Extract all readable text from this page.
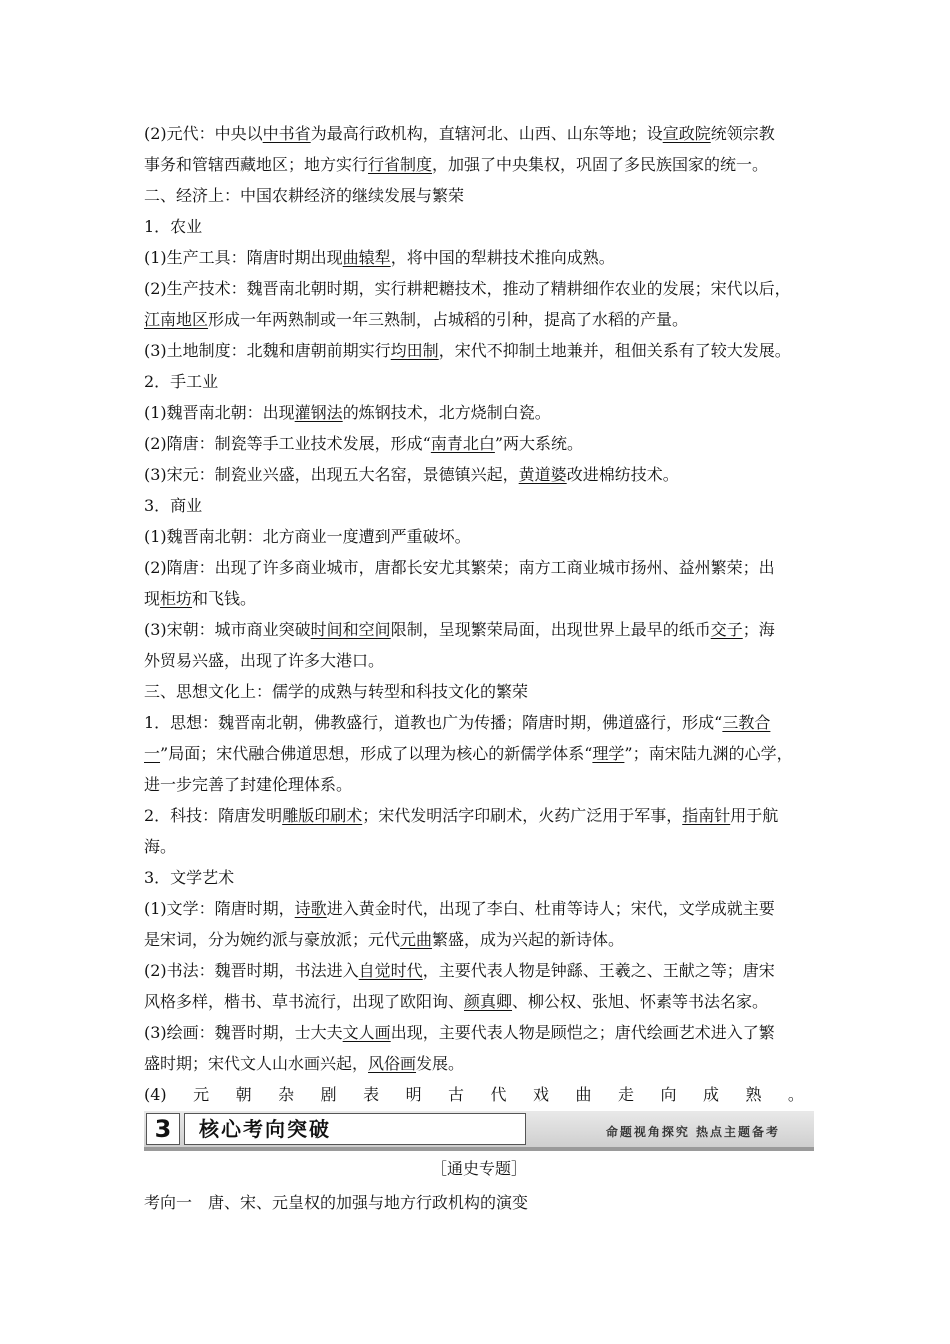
(2)元代：中央以中书省为最高行政机构，直辖河北、山西、山东等地；设宣政院统领宗教
事务和管辖西藏地区；地方实行行省制度，加强了中央集权，巩固了多民族国家的统一。
二、经济上：中国农耕经济的继续发展与繁荣
1．农业
(1)生产工具：隋唐时期出现曲辕犁，将中国的犁耕技术推向成熟。
(2)生产技术：魏晋南北朝时期，实行耕耙耱技术，推动了精耕细作农业的发展；宋代以后，
江南地区形成一年两熟制或一年三熟制，占城稻的引种，提高了水稻的产量。
(3)土地制度：北魏和唐朝前期实行均田制，宋代不抑制土地兼并，租佃关系有了较大发展。
2．手工业
(1)魏晋南北朝：出现灌钢法的炼钢技术，北方烧制白瓷。
(2)隋唐：制瓷等手工业技术发展，形成“南青北白”两大系统。
(3)宋元：制瓷业兴盛，出现五大名窑，景德镇兴起，黄道婆改进棉纺技术。
3．商业
(1)魏晋南北朝：北方商业一度遭到严重破坏。
(2)隋唐：出现了许多商业城市，唐都长安尤其繁荣；南方工商业城市扬州、益州繁荣；出
现柜坊和飞钱。
(3)宋朝：城市商业突破时间和空间限制，呈现繁荣局面，出现世界上最早的纸币交子；海
外贸易兴盛，出现了许多大港口。
三、思想文化上：儒学的成熟与转型和科技文化的繁荣
1．思想：魏晋南北朝，佛教盛行，道教也广为传播；隋唐时期，佛道盛行，形成“三教合
一”局面；宋代融合佛道思想，形成了以理为核心的新儒学体系“理学”；南宋陆九渊的心学，
进一步完善了封建伦理体系。
2．科技：隋唐发明雕版印刷术；宋代发明活字印刷术，火药广泛用于军事，指南针用于航
海。
3．文学艺术
(1)文学：隋唐时期，诗歌进入黄金时代，出现了李白、杜甫等诗人；宋代，文学成就主要
是宋词，分为婉约派与豪放派；元代元曲繁盛，成为兴起的新诗体。
(2)书法：魏晋时期，书法进入自觉时代，主要代表人物是钟繇、王羲之、王献之等；唐宋
风格多样，楷书、草书流行，出现了欧阳询、颜真卿、柳公权、张旭、怀素等书法名家。
(3)绘画：魏晋时期，士大夫文人画出现，主要代表人物是顾恺之；唐代绘画艺术进入了繁
盛时期；宋代文人山水画兴起，风俗画发展。
(4) 元 朝 杂 剧 表 明 古 代 戏 曲 走 向 成 熟 。
3	核心考向突破	命题视角探究 热点主题备考
［通史专题］
考向一　唐、宋、元皇权的加强与地方行政机构的演变
